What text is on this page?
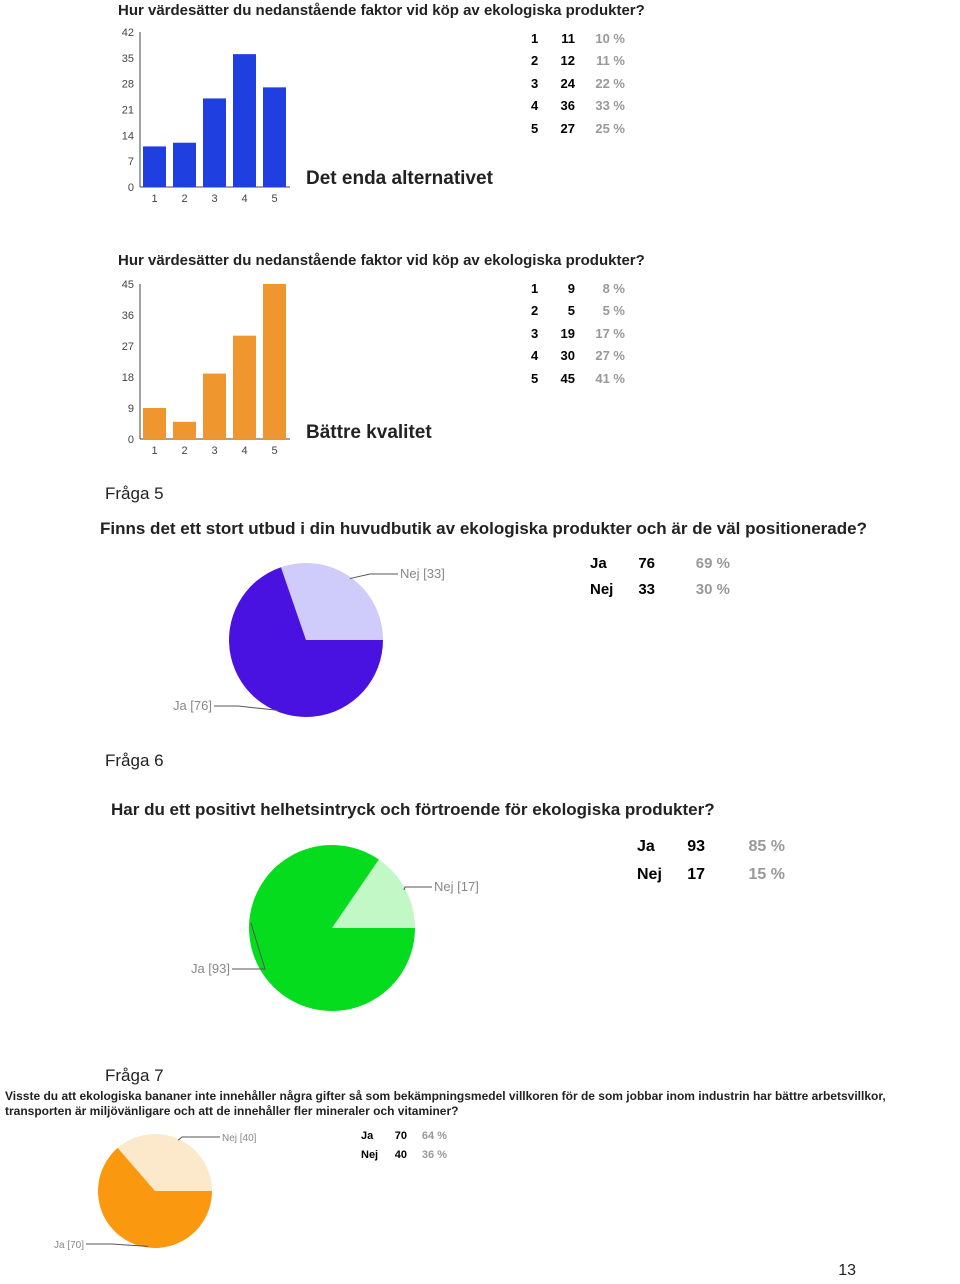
Hur värdesätter du nedanstående faktor vid köp av ekologiska produkter?
0
7
14
21
28
35
42
1 2 3 4 5
Det enda alternativet
1	11	10 %
2	12	11 %
3	24	22 %
4	36	33 %
5	27	25 %
Hur värdesätter du nedanstående faktor vid köp av ekologiska produkter?
0
9
18
27
36
45
1 2 3 4 5
Bättre kvalitet
1	9	8 %
2	5	5 %
3	19	17 %
4	30	27 %
5	45	41 %
Fråga 5
Finns det ett stort utbud i din huvudbutik av ekologiska produkter och är de väl positionerade?
Nej [33]
Ja [76]
Ja	76	69 %
Nej	33	30 %
Fråga 6
Har du ett positivt helhetsintryck och förtroende för ekologiska produkter?
Nej [17]
Ja [93]
Ja	93	85 %
Nej	17	15 %
Fråga 7
Visste du att ekologiska bananer inte innehåller några gifter så som bekämpningsmedel villkoren för de som jobbar inom industrin har bättre arbetsvillkor,
transporten är miljövänligare och att de innehåller fler mineraler och vitaminer?
Nej [40]
Ja [70]
Ja	70	64 %
Nej	40	36 %
13
